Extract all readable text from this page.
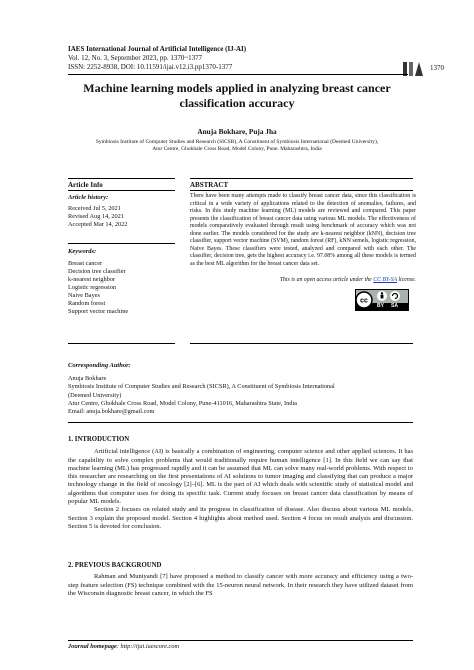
IAES International Journal of Artificial Intelligence (IJ-AI)
Vol. 12, No. 3, September 2023, pp. 1370~1377
ISSN: 2252-8938, DOI: 10.11591/ijai.v12.i3.pp1370-1377	1370
Machine learning models applied in analyzing breast cancer classification accuracy
Anuja Bokhare, Puja Jha
Symbiosis Institute of Computer Studies and Research (SICSR), A Constituent of Symbiosis International (Deemed University),
Atur Centre, Ghokhale Cross Road, Model Colony, Pune. Maharashtra, India
Article Info	ABSTRACT
Article history:
Received Jul 5, 2021
Revised Aug 14, 2021
Accepted Mar 14, 2022
Keywords:
Breast cancer
Decision tree classifier
k-nearest neighbor
Logistic regression
Naive Bayes
Random forest
Support vector machine
There have been many attempts made to classify breast cancer data, since this classification is critical in a wide variety of applications related to the detection of anomalies, failures, and risks. In this study machine learning (ML) models are reviewed and compared. This paper presents the classification of breast cancer data using various ML models. The effectiveness of models comparatively evaluated through result using benchmark of accuracy which was not done earlier. The models considered for the study are k-nearest neighbor (kNN), decision tree classifier, support vector machine (SVM), random forest (RF), kNN semels, logistic regression, Naive Bayes. These classifiers were tested, analyzed and compared with each other. The classifier, decision tree, gets the highest accuracy i.e. 97.08% among all these models is termed as the best ML algorithm for the breast cancer data set.
This is an open access article under the CC BY-SA license.
cc
BY SA
Corresponding Author:
Anuja Bokhare
Symbiosis Institute of Computer Studies and Research (SICSR), A Constituent of Symbiosis International
(Deemed University)
Atur Centre, Ghokhale Cross Road, Model Colony, Pune-411016, Maharashtra State, India
Email: anuja.bokhare@gmail.com
1. INTRODUCTION
Artificial intelligence (AI) is basically a combination of engineering, computer science and other applied sciences. It has the capability to solve complex problems that would traditionally require human intelligence [1]. In this field we can say that machine learning (ML) has progressed rapidly and it can be assumed that ML can solve many real-world problems. With respect to this researcher are researching on the first presentations of AI solutions to tumor imaging and classifying that can produce a major technology change in the field of oncology [2]–[6]. ML is the part of AI which deals with scientific study of statistical model and algorithms that computer uses for doing its specific task. Current study focuses on breast cancer data classification by means of popular ML models.
Section 2 focuses on related study and its progress in classification of disease. Also discuss about various ML models. Section 3 explain the proposed model. Section 4 highlights about method used. Section 4 focus on result analysis and discussion. Section 5 is devoted for conclusion.
2. PREVIOUS BACKGROUND
Rahman and Muniyandi [7] have proposed a method to classify cancer with more accuracy and efficiency using a two-step feature selection (FS) technique combined with the 15-neuron neural network. In their research they have utilized dataset from the Wisconsin diagnostic breast cancer, in which the FS
Journal homepage: http://ijai.iaescore.com
